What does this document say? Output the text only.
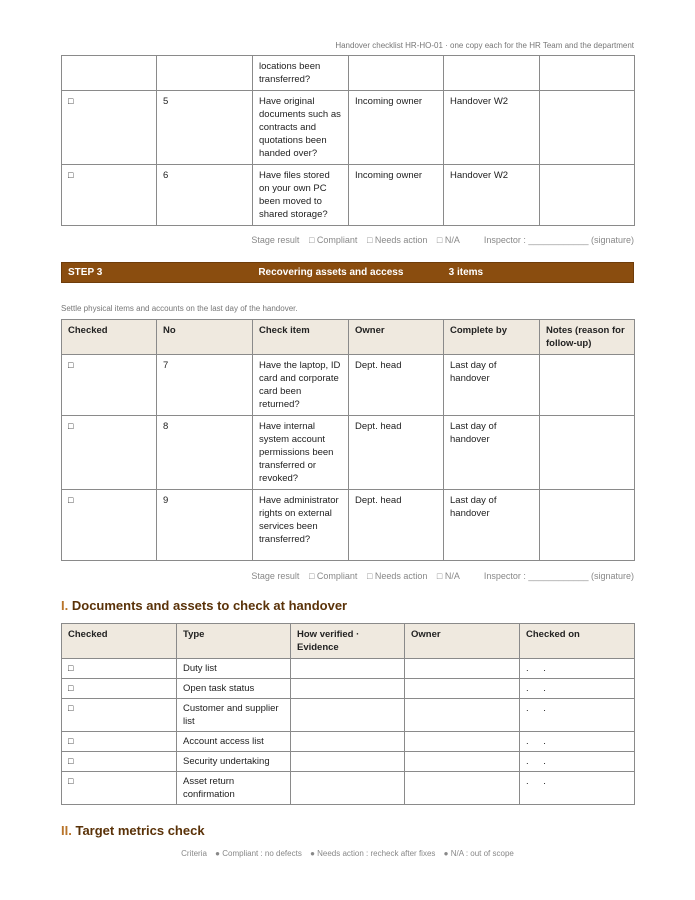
Handover checklist HR-HO-01 · one copy each for the HR Team and the department
		locations been transferred?			
□	5	Have original documents such as contracts and quotations been handed over?	Incoming owner	Handover W2	
□	6	Have files stored on your own PC been moved to shared storage?	Incoming owner	Handover W2	
Stage result □ Compliant □ Needs action □ N/A	Inspector : ____________ (signature)
STEP 3	Recovering assets and access	3 items
Settle physical items and accounts on the last day of the handover.
Checked	No	Check item	Owner	Complete by	Notes (reason for follow-up)
□	7	Have the laptop, ID card and corporate card been returned?	Dept. head	Last day of handover	
□	8	Have internal system account permissions been transferred or revoked?	Dept. head	Last day of handover	
□	9	Have administrator rights on external services been transferred?	Dept. head	Last day of handover	
Stage result □ Compliant □ Needs action □ N/A	Inspector : ____________ (signature)
I. Documents and assets to check at handover
Checked	Type	How verified · Evidence	Owner	Checked on
□	Duty list			. .
□	Open task status			. .
□	Customer and supplier list			. .
□	Account access list			. .
□	Security undertaking			. .
□	Asset return confirmation			. .
II. Target metrics check
Criteria ● Compliant : no defects ● Needs action : recheck after fixes ● N/A : out of scope
